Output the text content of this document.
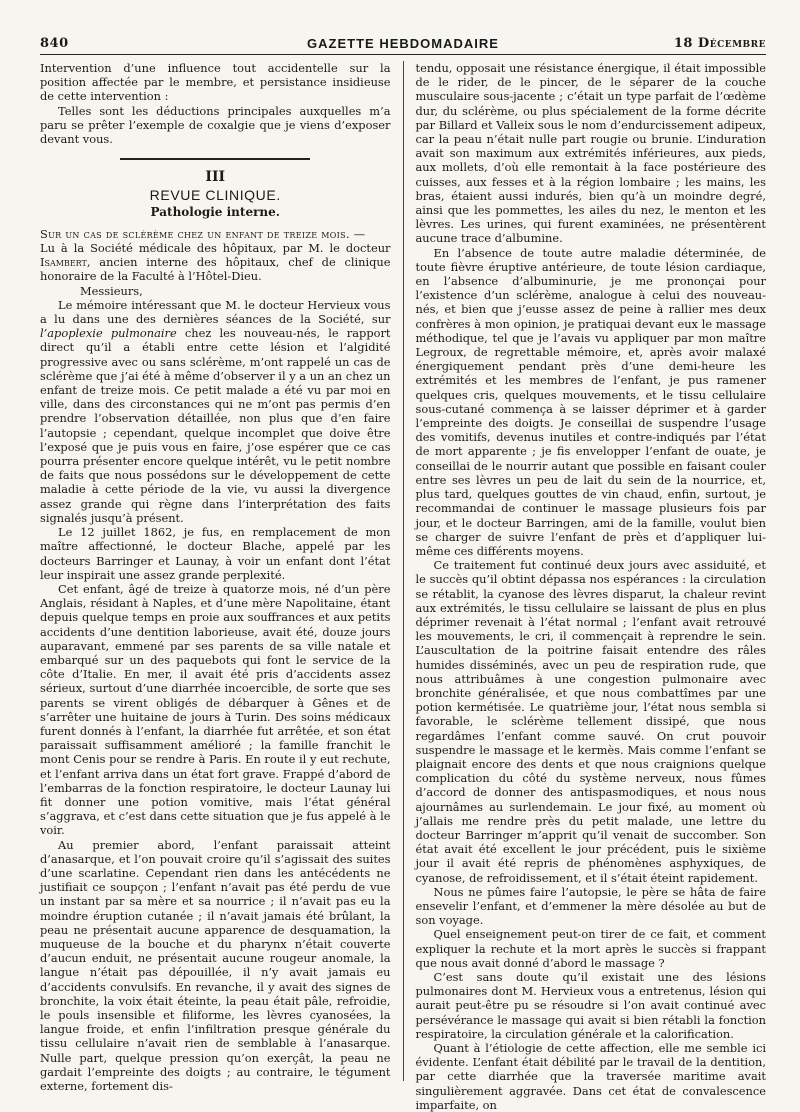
840	GAZETTE HEBDOMADAIRE	18 Décembre

Intervention d’une influence tout accidentelle sur la position affectée par le membre, et persistance insidieuse de cette intervention :

Telles sont les déductions principales auxquelles m’a paru se prêter l’exemple de coxalgie que je viens d’exposer devant vous.

III
REVUE CLINIQUE.
Pathologie interne.

Sur un cas de sclérème chez un enfant de treize mois. —

Lu à la Société médicale des hôpitaux, par M. le docteur Isambert, ancien interne des hôpitaux, chef de clinique honoraire de la Faculté à l’Hôtel-Dieu.

Messieurs,

Le mémoire intéressant que M. le docteur Hervieux vous a lu dans une des dernières séances de la Société, sur l’apoplexie pulmonaire chez les nouveau-nés, le rapport direct qu’il a établi entre cette lésion et l’algidité progressive avec ou sans sclérème, m’ont rappelé un cas de sclérème que j’ai été à même d’observer il y a un an chez un enfant de treize mois. Ce petit malade a été vu par moi en ville, dans des circonstances qui ne m’ont pas permis d’en prendre l’observation détaillée, non plus que d’en faire l’autopsie ; cependant, quelque incomplet que doive être l’exposé que je puis vous en faire, j’ose espérer que ce cas pourra présenter encore quelque intérêt, vu le petit nombre de faits que nous possédons sur le développement de cette maladie à cette période de la vie, vu aussi la divergence assez grande qui règne dans l’interprétation des faits signalés jusqu’à présent.

Le 12 juillet 1862, je fus, en remplacement de mon maître affectionné, le docteur Blache, appelé par les docteurs Barringer et Launay, à voir un enfant dont l’état leur inspirait une assez grande perplexité.

Cet enfant, âgé de treize à quatorze mois, né d’un père Anglais, résidant à Naples, et d’une mère Napolitaine, étant depuis quelque temps en proie aux souffrances et aux petits accidents d’une dentition laborieuse, avait été, douze jours auparavant, emmené par ses parents de sa ville natale et embarqué sur un des paquebots qui font le service de la côte d’Italie. En mer, il avait été pris d’accidents assez sérieux, surtout d’une diarrhée incoercible, de sorte que ses parents se virent obligés de débarquer à Gênes et de s’arrêter une huitaine de jours à Turin. Des soins médicaux furent donnés à l’enfant, la diarrhée fut arrêtée, et son état paraissait suffisamment amélioré ; la famille franchit le mont Cenis pour se rendre à Paris. En route il y eut rechute, et l’enfant arriva dans un état fort grave. Frappé d’abord de l’embarras de la fonction respiratoire, le docteur Launay lui fit donner une potion vomitive, mais l’état général s’aggrava, et c’est dans cette situation que je fus appelé à le voir.

Au premier abord, l’enfant paraissait atteint d’anasarque, et l’on pouvait croire qu’il s’agissait des suites d’une scarlatine. Cependant rien dans les antécédents ne justifiait ce soupçon ; l’enfant n’avait pas été perdu de vue un instant par sa mère et sa nourrice ; il n’avait pas eu la moindre éruption cutanée ; il n’avait jamais été brûlant, la peau ne présentait aucune apparence de desquamation, la muqueuse de la bouche et du pharynx n’était couverte d’aucun enduit, ne présentait aucune rougeur anomale, la langue n’était pas dépouillée, il n’y avait jamais eu d’accidents convulsifs. En revanche, il y avait des signes de bronchite, la voix était éteinte, la peau était pâle, refroidie, le pouls insensible et filiforme, les lèvres cyanosées, la langue froide, et enfin l’infiltration presque générale du tissu cellulaire n’avait rien de semblable à l’anasarque. Nulle part, quelque pression qu’on exerçât, la peau ne gardait l’empreinte des doigts ; au contraire, le tégument externe, fortement dis-

tendu, opposait une résistance énergique, il était impossible de le rider, de le pincer, de le séparer de la couche musculaire sous-jacente ; c’était un type parfait de l’œdème dur, du sclérème, ou plus spécialement de la forme décrite par Billard et Valleix sous le nom d’endurcissement adipeux, car la peau n’était nulle part rougie ou brunie. L’induration avait son maximum aux extrémités inférieures, aux pieds, aux mollets, d’où elle remontait à la face postérieure des cuisses, aux fesses et à la région lombaire ; les mains, les bras, étaient aussi indurés, bien qu’à un moindre degré, ainsi que les pommettes, les ailes du nez, le menton et les lèvres. Les urines, qui furent examinées, ne présentèrent aucune trace d’albumine.

En l’absence de toute autre maladie déterminée, de toute fièvre éruptive antérieure, de toute lésion cardiaque, en l’absence d’albuminurie, je me prononçai pour l’existence d’un sclérème, analogue à celui des nouveau-nés, et bien que j’eusse assez de peine à rallier mes deux confrères à mon opinion, je pratiquai devant eux le massage méthodique, tel que je l’avais vu appliquer par mon maître Legroux, de regrettable mémoire, et, après avoir malaxé énergiquement pendant près d’une demi-heure les extrémités et les membres de l’enfant, je pus ramener quelques cris, quelques mouvements, et le tissu cellulaire sous-cutané commença à se laisser déprimer et à garder l’empreinte des doigts. Je conseillai de suspendre l’usage des vomitifs, devenus inutiles et contre-indiqués par l’état de mort apparente ; je fis envelopper l’enfant de ouate, je conseillai de le nourrir autant que possible en faisant couler entre ses lèvres un peu de lait du sein de la nourrice, et, plus tard, quelques gouttes de vin chaud, enfin, surtout, je recommandai de continuer le massage plusieurs fois par jour, et le docteur Barringen, ami de la famille, voulut bien se charger de suivre l’enfant de près et d’appliquer lui-même ces différents moyens.

Ce traitement fut continué deux jours avec assiduité, et le succès qu’il obtint dépassa nos espérances : la circulation se rétablit, la cyanose des lèvres disparut, la chaleur revint aux extrémités, le tissu cellulaire se laissant de plus en plus déprimer revenait à l’état normal ; l’enfant avait retrouvé les mouvements, le cri, il commençait à reprendre le sein. L’auscultation de la poitrine faisait entendre des râles humides disséminés, avec un peu de respiration rude, que nous attribuâmes à une congestion pulmonaire avec bronchite généralisée, et que nous combattîmes par une potion kermétisée. Le quatrième jour, l’état nous sembla si favorable, le sclérème tellement dissipé, que nous regardâmes l’enfant comme sauvé. On crut pouvoir suspendre le massage et le kermès. Mais comme l’enfant se plaignait encore des dents et que nous craignions quelque complication du côté du système nerveux, nous fûmes d’accord de donner des antispasmodiques, et nous nous ajournâmes au surlendemain. Le jour fixé, au moment où j’allais me rendre près du petit malade, une lettre du docteur Barringer m’apprit qu’il venait de succomber. Son état avait été excellent le jour précédent, puis le sixième jour il avait été repris de phénomènes asphyxiques, de cyanose, de refroidissement, et il s’était éteint rapidement.

Nous ne pûmes faire l’autopsie, le père se hâta de faire ensevelir l’enfant, et d’emmener la mère désolée au but de son voyage.

Quel enseignement peut-on tirer de ce fait, et comment expliquer la rechute et la mort après le succès si frappant que nous avait donné d’abord le massage ?

C’est sans doute qu’il existait une des lésions pulmonaires dont M. Hervieux vous a entretenus, lésion qui aurait peut-être pu se résoudre si l’on avait continué avec persévérance le massage qui avait si bien rétabli la fonction respiratoire, la circulation générale et la calorification.

Quant à l’étiologie de cette affection, elle me semble ici évidente. L’enfant était débilité par le travail de la dentition, par cette diarrhée que la traversée maritime avait singulièrement aggravée. Dans cet état de convalescence imparfaite, on
